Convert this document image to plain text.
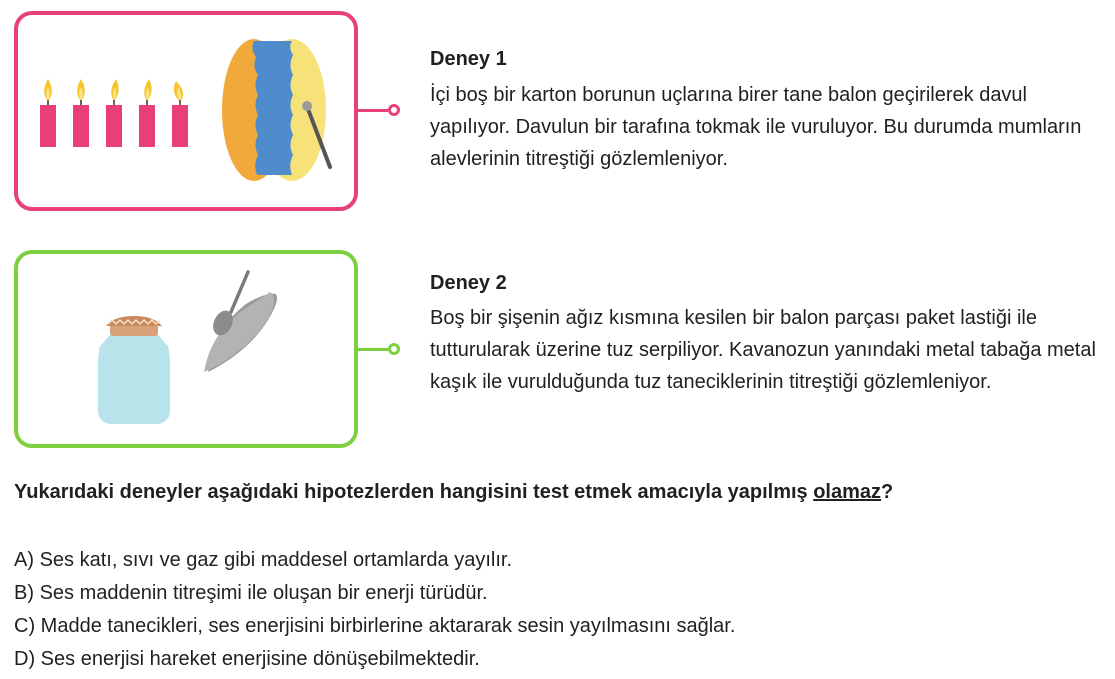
Deney 1
İçi boş bir karton borunun uçlarına birer tane balon geçirilerek davul yapılıyor. Davulun bir tarafına tokmak ile vuruluyor. Bu durumda mumların alevlerinin titreştiği gözlemleniyor.
Deney 2
Boş bir şişenin ağız kısmına kesilen bir balon parçası paket lastiği ile tutturularak üzerine tuz serpiliyor. Kavanozun yanındaki metal tabağa metal kaşık ile vurulduğunda tuz taneciklerinin titreştiği gözlemleniyor.
Yukarıdaki deneyler aşağıdaki hipotezlerden hangisini test etmek amacıyla yapılmış olamaz?
A) Ses katı, sıvı ve gaz gibi maddesel ortamlarda yayılır.
B) Ses maddenin titreşimi ile oluşan bir enerji türüdür.
C) Madde tanecikleri, ses enerjisini birbirlerine aktararak sesin yayılmasını sağlar.
D) Ses enerjisi hareket enerjisine dönüşebilmektedir.
